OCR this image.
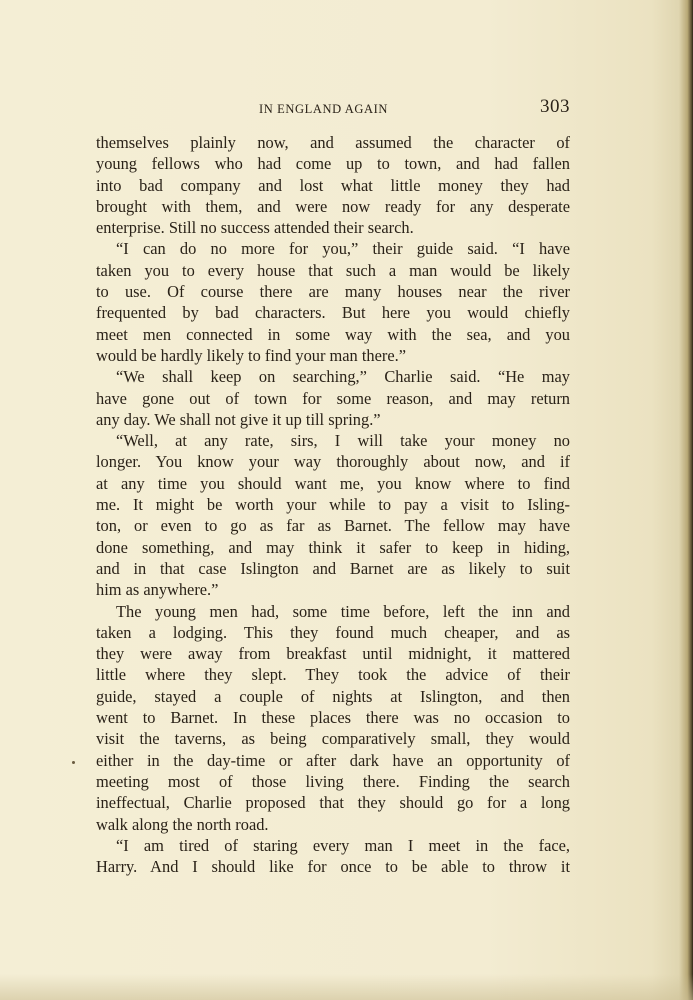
IN ENGLAND AGAIN	303
themselves plainly now, and assumed the character of
young fellows who had come up to town, and had fallen
into bad company and lost what little money they had
brought with them, and were now ready for any desperate
enterprise. Still no success attended their search.
“I can do no more for you,” their guide said. “I have
taken you to every house that such a man would be likely
to use. Of course there are many houses near the river
frequented by bad characters. But here you would chiefly
meet men connected in some way with the sea, and you
would be hardly likely to find your man there.”
“We shall keep on searching,” Charlie said. “He may
have gone out of town for some reason, and may return
any day. We shall not give it up till spring.”
“Well, at any rate, sirs, I will take your money no
longer. You know your way thoroughly about now, and if
at any time you should want me, you know where to find
me. It might be worth your while to pay a visit to Isling-
ton, or even to go as far as Barnet. The fellow may have
done something, and may think it safer to keep in hiding,
and in that case Islington and Barnet are as likely to suit
him as anywhere.”
The young men had, some time before, left the inn and
taken a lodging. This they found much cheaper, and as
they were away from breakfast until midnight, it mattered
little where they slept. They took the advice of their
guide, stayed a couple of nights at Islington, and then
went to Barnet. In these places there was no occasion to
visit the taverns, as being comparatively small, they would
either in the day-time or after dark have an opportunity of
meeting most of those living there. Finding the search
ineffectual, Charlie proposed that they should go for a long
walk along the north road.
“I am tired of staring every man I meet in the face,
Harry. And I should like for once to be able to throw it
